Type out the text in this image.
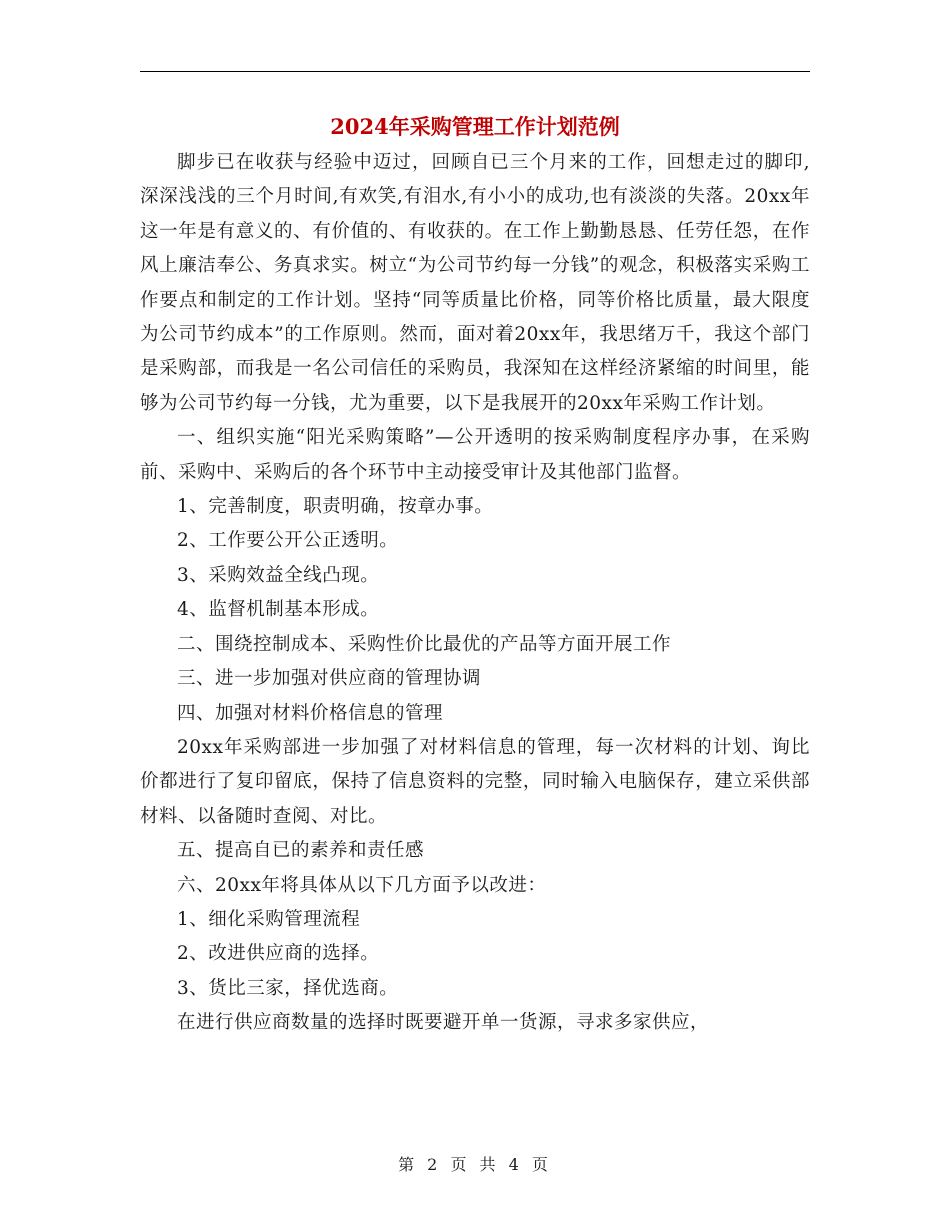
2024年采购管理工作计划范例

脚步已在收获与经验中迈过，回顾自已三个月来的工作，回想走过的脚印,深深浅浅的三个月时间,有欢笑,有泪水,有小小的成功,也有淡淡的失落。20xx年这一年是有意义的、有价值的、有收获的。在工作上勤勤恳恳、任劳任怨，在作风上廉洁奉公、务真求实。树立“为公司节约每一分钱”的观念，积极落实采购工作要点和制定的工作计划。坚持“同等质量比价格，同等价格比质量，最大限度为公司节约成本”的工作原则。然而，面对着20xx年，我思绪万千，我这个部门是采购部，而我是一名公司信任的采购员，我深知在这样经济紧缩的时间里，能够为公司节约每一分钱，尤为重要，以下是我展开的20xx年采购工作计划。

一、组织实施“阳光采购策略”—公开透明的按采购制度程序办事，在采购前、采购中、采购后的各个环节中主动接受审计及其他部门监督。

1、完善制度，职责明确，按章办事。

2、工作要公开公正透明。

3、采购效益全线凸现。

4、监督机制基本形成。

二、围绕控制成本、采购性价比最优的产品等方面开展工作

三、进一步加强对供应商的管理协调

四、加强对材料价格信息的管理

20xx年采购部进一步加强了对材料信息的管理，每一次材料的计划、询比价都进行了复印留底，保持了信息资料的完整，同时输入电脑保存，建立采供部材料、以备随时查阅、对比。

五、提高自已的素养和责任感

六、20xx年将具体从以下几方面予以改进：

1、细化采购管理流程

2、改进供应商的选择。

3、货比三家，择优选商。

在进行供应商数量的选择时既要避开单一货源，寻求多家供应，

第 2 页 共 4 页
